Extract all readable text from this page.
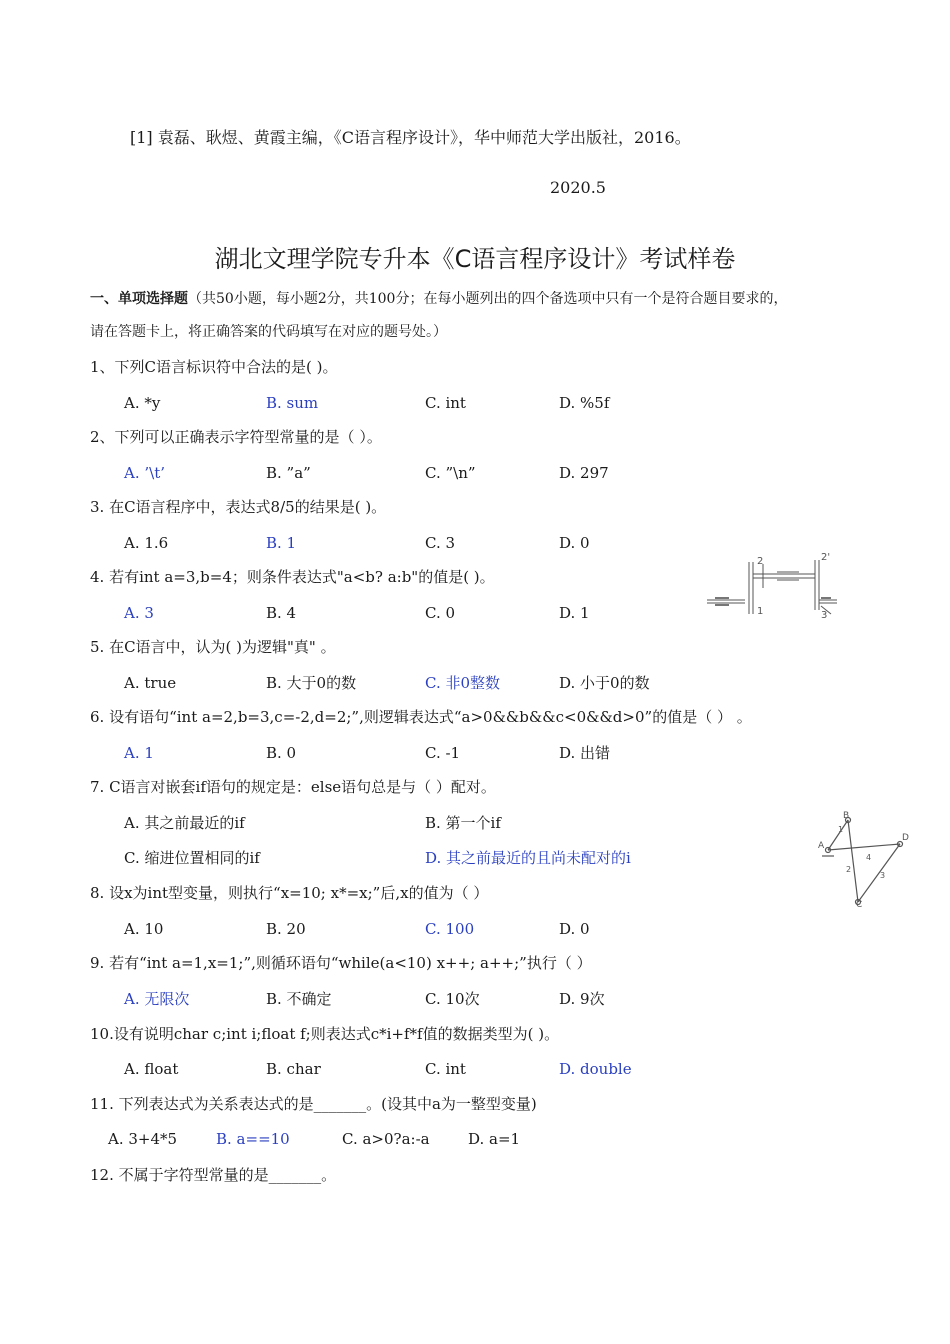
[1] 袁磊、耿煜、黄霞主编，《C语言程序设计》，华中师范大学出版社，2016。
2020.5
湖北文理学院专升本《C语言程序设计》考试样卷
一、单项选择题（共50小题，每小题2分，共100分；在每小题列出的四个备选项中只有一个是符合题目要求的，
请在答题卡上，将正确答案的代码填写在对应的题号处。）
1、下列C语言标识符中合法的是( )。
A. *y	B. sum	C. int	D. %5f
2、下列可以正确表示字符型常量的是（ ）。
A. ’\t’	B. ”a”	C. ”\n”	D. 297
3. 在C语言程序中，表达式8/5的结果是( )。
A. 1.6	B. 1	C. 3	D. 0
4. 若有int a=3,b=4；则条件表达式"a<b? a:b"的值是( )。
A. 3	B. 4	C. 0	D. 1
2	2'
1	3
5. 在C语言中，认为( )为逻辑"真" 。
A. true	B. 大于0的数	C. 非0整数	D. 小于0的数
6. 设有语句“int a=2,b=3,c=-2,d=2;”,则逻辑表达式“a>0&&b&&c<0&&d>0”的值是（ ） 。
A. 1	B. 0	C. -1	D. 出错
7. C语言对嵌套if语句的规定是：else语句总是与（ ）配对。
A. 其之前最近的if	B. 第一个if
C. 缩进位置相同的if	D. 其之前最近的且尚未配对的i
B
A
D
C
1
2
3
4
8. 设x为int型变量，则执行“x=10; x*=x;”后,x的值为（ ）
A. 10	B. 20	C. 100	D. 0
9. 若有“int a=1,x=1;”,则循环语句“while(a<10) x++; a++;”执行（ ）
A. 无限次	B. 不确定	C. 10次	D. 9次
10.设有说明char c;int i;float f;则表达式c*i+f*f值的数据类型为( )。
A. float	B. char	C. int	D. double
11. 下列表达式为关系表达式的是_______。(设其中a为一整型变量)
A. 3+4*5	B. a==10	C. a>0?a:-a	D. a=1
12. 不属于字符型常量的是_______。
